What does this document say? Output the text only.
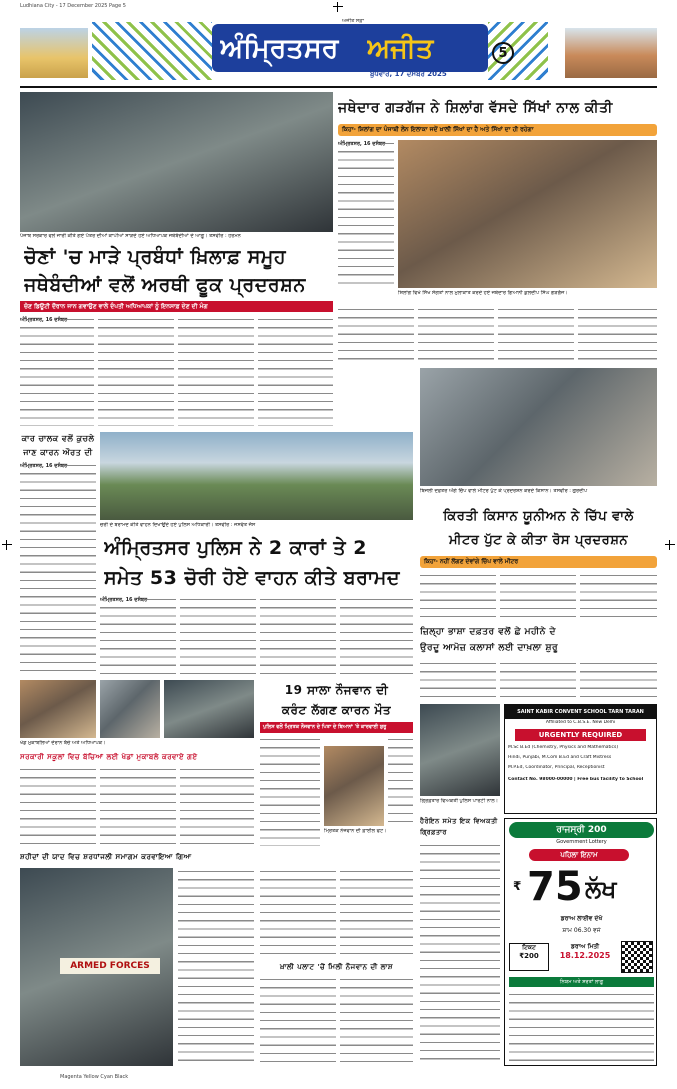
Ludhiana City - 17 December 2025 Page 5
Magenta Yellow Cyan Black
ਅੰਮ੍ਰਿਤਸਰ	ਅਜੀਤ
ਅਜੀਤ ਸਫ਼ਾ
ਬੁੱਧਵਾਰ, 17 ਦਸੰਬਰ 2025
5
ਪੰਜਾਬ ਸਰਕਾਰ ਵਲੋਂ ਜਾਰੀ ਕੀਤੇ ਗਏ ਪੱਤਰ ਦੀਆਂ ਕਾਪੀਆਂ ਸਾੜਦੇ ਹੋਏ ਅਧਿਆਪਕ ਜਥੇਬੰਦੀਆਂ ਦੇ ਆਗੂ। ਤਸਵੀਰ : ਹਰਮਨ
ਚੋਣਾਂ 'ਚ ਮਾੜੇ ਪ੍ਰਬੰਧਾਂ ਖ਼ਿਲਾਫ਼ ਸਮੂਹ
ਜਥੇਬੰਦੀਆਂ ਵਲੋਂ ਅਰਥੀ ਫੂਕ ਪ੍ਰਦਰਸ਼ਨ
ਚੋਣ ਡਿਊਟੀ ਦੌਰਾਨ ਜਾਨ ਗਵਾਉਣ ਵਾਲੇ ਦੰਪਤੀ ਅਧਿਆਪਕਾਂ ਨੂੰ ਇਨਸਾਫ਼ ਦੇਣ ਦੀ ਮੰਗ
ਅੰਮ੍ਰਿਤਸਰ, 16 ਦਸੰਬਰ
ਜਥੇਦਾਰ ਗੜਗੱਜ ਨੇ ਸ਼ਿਲਾਂਗ ਵੱਸਦੇ ਸਿੱਖਾਂ ਨਾਲ ਕੀਤੀ
ਕਿਹਾ- ਸ਼ਿਲਾਂਗ ਦਾ ਪੰਜਾਬੀ ਲੇਨ ਇਲਾਕਾ ਜਦੋਂ ਖ਼ਾਲੀ ਸਿੱਖਾਂ ਦਾ ਹੈ ਅਤੇ ਸਿੱਖਾਂ ਦਾ ਹੀ ਰਹੇਗਾ
ਅੰਮ੍ਰਿਤਸਰ, 16 ਦਸੰਬਰ
ਸ਼ਿਲਾਂਗ ਵਿਖੇ ਸਿੱਖ ਸੰਗਤਾਂ ਨਾਲ ਮੁਲਾਕਾਤ ਕਰਦੇ ਹੋਏ ਜਥੇਦਾਰ ਗਿਆਨੀ ਕੁਲਦੀਪ ਸਿੰਘ ਗੜਗੱਜ।
ਕਾਰ ਚਾਲਕ ਵਲੋਂ ਕੁਚਲੇ
ਜਾਣ ਕਾਰਨ ਔਰਤ ਦੀ
ਅੰਮ੍ਰਿਤਸਰ, 16 ਦਸੰਬਰ
ਚੋਰੀ ਦੇ ਬਰਾਮਦ ਕੀਤੇ ਵਾਹਨ ਦਿਖਾਉਂਦੇ ਹੋਏ ਪੁਲਿਸ ਅਧਿਕਾਰੀ। ਤਸਵੀਰ : ਜਸਵੰਤ ਜੱਸ
ਅੰਮ੍ਰਿਤਸਰ ਪੁਲਿਸ ਨੇ 2 ਕਾਰਾਂ ਤੇ 2
ਸਮੇਤ 53 ਚੋਰੀ ਹੋਏ ਵਾਹਨ ਕੀਤੇ ਬਰਾਮਦ
ਅੰਮ੍ਰਿਤਸਰ, 16 ਦਸੰਬਰ
ਬਿਜਲੀ ਦਫ਼ਤਰ ਅੱਗੇ ਚਿੱਪ ਵਾਲੇ ਮੀਟਰ ਪੁੱਟ ਕੇ ਪ੍ਰਦਰਸ਼ਨ ਕਰਦੇ ਕਿਸਾਨ। ਤਸਵੀਰ : ਗੁਰਦੀਪ
ਕਿਰਤੀ ਕਿਸਾਨ ਯੂਨੀਅਨ ਨੇ ਚਿੱਪ ਵਾਲੇ
ਮੀਟਰ ਪੁੱਟ ਕੇ ਕੀਤਾ ਰੋਸ ਪ੍ਰਦਰਸ਼ਨ
ਕਿਹਾ- ਨਹੀਂ ਲੱਗਣ ਦੇਵਾਂਗੇ ਚਿੱਪ ਵਾਲੇ ਮੀਟਰ
ਜ਼ਿਲ੍ਹਾ ਭਾਸ਼ਾ ਦਫ਼ਤਰ ਵਲੋਂ ਛੇ ਮਹੀਨੇ ਦੇ
ਉਰਦੂ ਆਮੋਜ਼ ਕਲਾਸਾਂ ਲਈ ਦਾਖ਼ਲਾ ਸ਼ੁਰੂ
ਖੇਡ ਮੁਕਾਬਲਿਆਂ ਦੌਰਾਨ ਬੱਚੇ ਅਤੇ ਅਧਿਆਪਕ।
ਸਰਕਾਰੀ ਸਕੂਲਾਂ ਵਿਚ ਬੱਚਿਆਂ ਲਈ ਖੇਡਾਂ ਮੁਕਾਬਲੇ ਕਰਵਾਏ ਗਏ
19 ਸਾਲਾ ਨੌਜਵਾਨ ਦੀ
ਕਰੰਟ ਲੱਗਣ ਕਾਰਨ ਮੌਤ
ਪੁਲਿਸ ਵਲੋਂ ਮ੍ਰਿਤਕ ਨੌਜਵਾਨ ਦੇ ਪਿਤਾ ਦੇ ਬਿਆਨਾਂ 'ਤੇ ਕਾਰਵਾਈ ਸ਼ੁਰੂ
ਮ੍ਰਿਤਕ ਨੌਜਵਾਨ ਦੀ ਫ਼ਾਈਲ ਫੋਟੋ।
ਗ੍ਰਿਫ਼ਤਾਰ ਵਿਅਕਤੀ ਪੁਲਿਸ ਪਾਰਟੀ ਨਾਲ।
SAINT KABIR CONVENT SCHOOL TARN TARAN
Affiliated to C.B.S.E. New Delhi
URGENTLY REQUIRED
M.Sc B.Ed (Chemistry, Physics and Mathematics)
Hindi, Punjabi, M.Com B.Ed and Craft Mistress
M.P.Ed, Coordinator, Principal, Receptionist
Contact No. 98000-00000 | Free bus facility to School
ਹੈਰੋਇਨ ਸਮੇਤ ਇਕ ਵਿਅਕਤੀ ਗ੍ਰਿਫ਼ਤਾਰ
ਸ਼ਹੀਦਾਂ ਦੀ ਯਾਦ ਵਿਚ ਸ਼ਰਧਾਂਜਲੀ ਸਮਾਗਮ ਕਰਵਾਇਆ ਗਿਆ
ARMED FORCES	ਖ਼ਾਲੀ ਪਲਾਟ 'ਚੋਂ ਮਿਲੀ ਨੌਜਵਾਨ ਦੀ ਲਾਸ਼
ਰਾਜਸ੍ਰੀ 200
Government Lottery
ਪਹਿਲਾ ਇਨਾਮ
₹ 75 ਲੱਖ
ਡਰਾਅ ਲਾਈਵ ਦੇਖੋ
ਸ਼ਾਮ 06.30 ਵਜੇ
ਟਿਕਟ
₹200
ਡਰਾਅ ਮਿਤੀ
18.12.2025
ਨਿਯਮ ਅਤੇ ਸ਼ਰਤਾਂ ਲਾਗੂ
